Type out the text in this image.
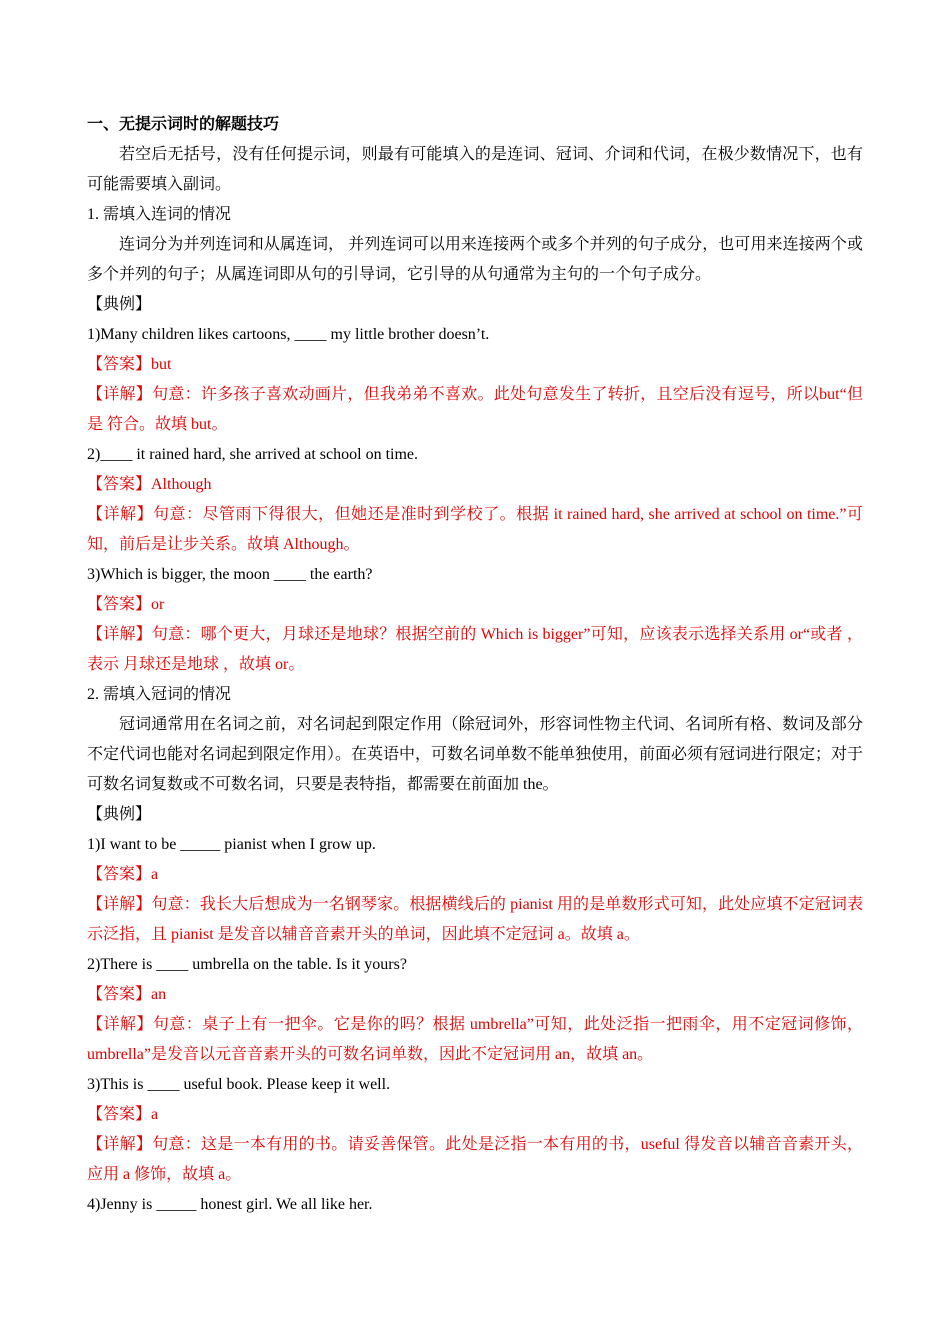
一、无提示词时的解题技巧
若空后无括号，没有任何提示词，则最有可能填入的是连词、冠词、介词和代词，在极少数情况下，也有可能需要填入副词。
1. 需填入连词的情况
连词分为并列连词和从属连词， 并列连词可以用来连接两个或多个并列的句子成分，也可用来连接两个或多个并列的句子；从属连词即从句的引导词，它引导的从句通常为主句的一个句子成分。
【典例】
1)Many children likes cartoons, ____ my little brother doesn’t.
【答案】but
【详解】句意：许多孩子喜欢动画片，但我弟弟不喜欢。此处句意发生了转折，且空后没有逗号，所以but“但是 符合。故填 but。
2)____ it rained hard, she arrived at school on time.
【答案】Although
【详解】句意：尽管雨下得很大，但她还是准时到学校了。根据 it rained hard, she arrived at school on time.”可知，前后是让步关系。故填 Although。
3)Which is bigger, the moon ____ the earth?
【答案】or
【详解】句意：哪个更大，月球还是地球？根据空前的 Which is bigger”可知，应该表示选择关系用 or“或者 ，表示 月球还是地球 ，故填 or。
2. 需填入冠词的情况
冠词通常用在名词之前，对名词起到限定作用（除冠词外，形容词性物主代词、名词所有格、数词及部分不定代词也能对名词起到限定作用）。在英语中，可数名词单数不能单独使用，前面必须有冠词进行限定；对于可数名词复数或不可数名词，只要是表特指，都需要在前面加 the。
【典例】
1)I want to be _____ pianist when I grow up.
【答案】a
【详解】句意：我长大后想成为一名钢琴家。根据横线后的 pianist 用的是单数形式可知，此处应填不定冠词表示泛指，且 pianist 是发音以辅音音素开头的单词，因此填不定冠词 a。故填 a。
2)There is ____ umbrella on the table. Is it yours?
【答案】an
【详解】句意：桌子上有一把伞。它是你的吗？根据 umbrella”可知，此处泛指一把雨伞，用不定冠词修饰， umbrella”是发音以元音音素开头的可数名词单数，因此不定冠词用 an，故填 an。
3)This is ____ useful book. Please keep it well.
【答案】a
【详解】句意：这是一本有用的书。请妥善保管。此处是泛指一本有用的书，useful 得发音以辅音音素开头，应用 a 修饰，故填 a。
4)Jenny is _____ honest girl. We all like her.
